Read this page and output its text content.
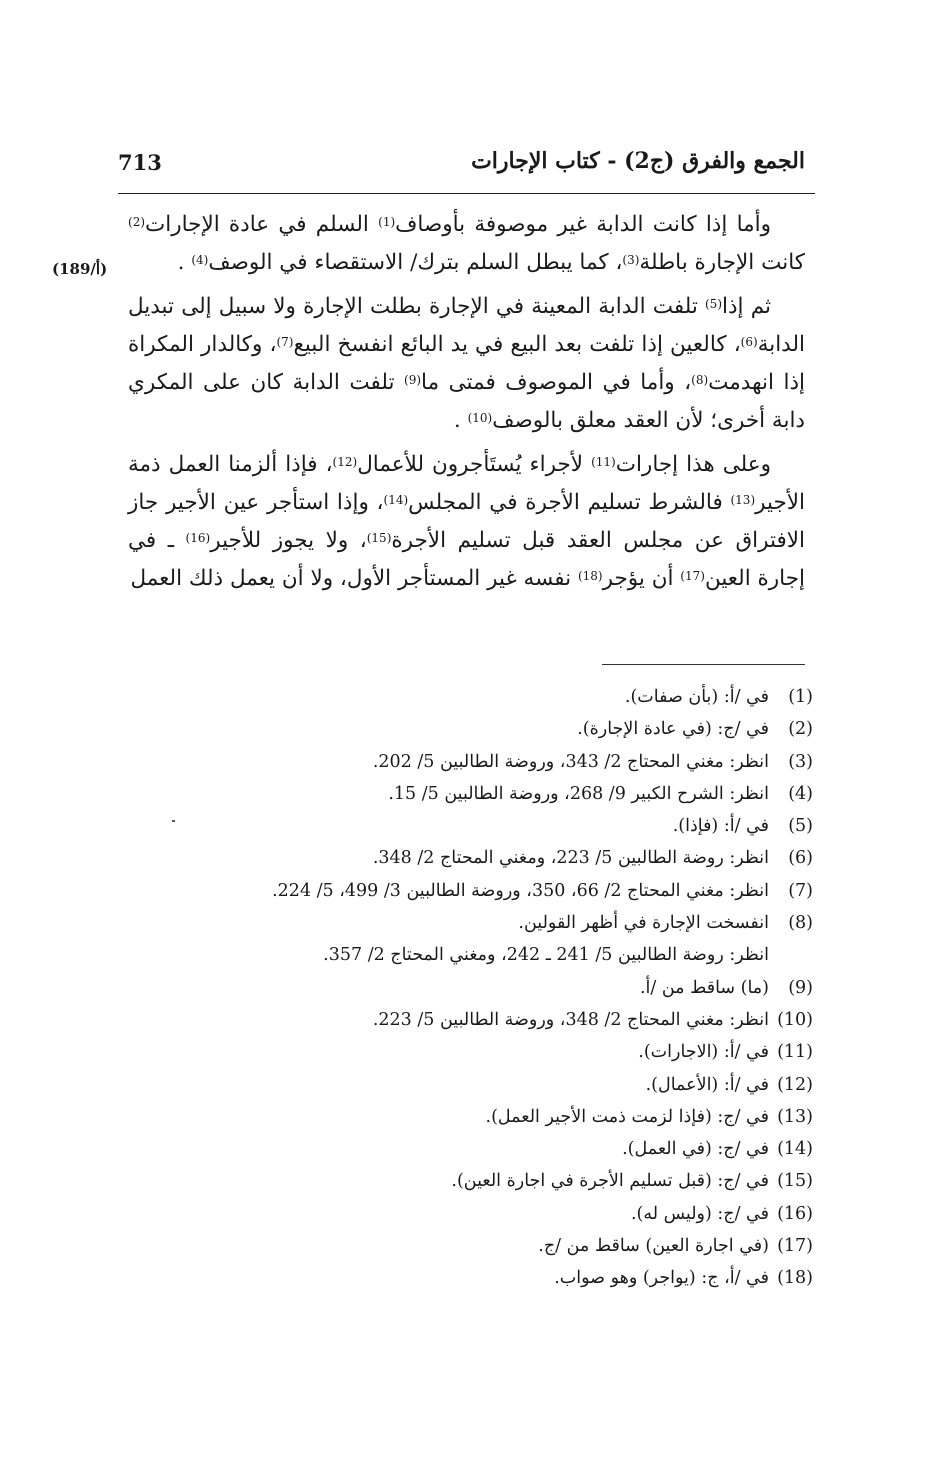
713	الجمع والفرق (ج2) - كتاب الإجارات
(189/أ)

وأما إذا كانت الدابة غير موصوفة بأوصاف$^{(1)}$ السلم في عادة الإجارات$^{(2)}$ كانت الإجارة باطلة$^{(3)}$، كما يبطل السلم بترك/ الاستقصاء في الوصف$^{(4)}$ .

ثم إذا$^{(5)}$ تلفت الدابة المعينة في الإجارة بطلت الإجارة ولا سبيل إلى تبديل الدابة$^{(6)}$، كالعين إذا تلفت بعد البيع في يد البائع انفسخ البيع$^{(7)}$، وكالدار المكراة إذا انهدمت$^{(8)}$، وأما في الموصوف فمتى ما$^{(9)}$ تلفت الدابة كان على المكري دابة أخرى؛ لأن العقد معلق بالوصف$^{(10)}$ .

وعلى هذا إجارات$^{(11)}$ لأجراء يُستَأجرون للأعمال$^{(12)}$، فإذا ألزمنا العمل ذمة الأجير$^{(13)}$ فالشرط تسليم الأجرة في المجلس$^{(14)}$، وإذا استأجر عين الأجير جاز الافتراق عن مجلس العقد قبل تسليم الأجرة$^{(15)}$، ولا يجوز للأجير$^{(16)}$ ـ في إجارة العين$^{(17)}$ أن يؤجر$^{(18)}$ نفسه غير المستأجر الأول، ولا أن يعمل ذلك العمل

(1)
في /أ: (بأن صفات).
(2)
في /ج: (في عادة الإجارة).
(3)
انظر: مغني المحتاج 2/ 343، وروضة الطالبين 5/ 202.
(4)
انظر: الشرح الكبير 9/ 268، وروضة الطالبين 5/ 15.
(5)
في /أ: (فإذا).
(6)
انظر: روضة الطالبين 5/ 223، ومغني المحتاج 2/ 348.
(7)
انظر: مغني المحتاج 2/ 66، 350، وروضة الطالبين 3/ 499، 5/ 224.
(8)
انفسخت الإجارة في أظهر القولين.
انظر: روضة الطالبين 5/ 241 ـ 242، ومغني المحتاج 2/ 357.
(9)
(ما) ساقط من /أ.
(10)
انظر: مغني المحتاج 2/ 348، وروضة الطالبين 5/ 223.
(11)
في /أ: (الاجارات).
(12)
في /أ: (الأعمال).
(13)
في /ج: (فإذا لزمت ذمت الأجير العمل).
(14)
في /ج: (في العمل).
(15)
في /ج: (قبل تسليم الأجرة في اجارة العين).
(16)
في /ج: (وليس له).
(17)
(في اجارة العين) ساقط من /ج.
(18)
في /أ، ج: (يواجر) وهو صواب.
